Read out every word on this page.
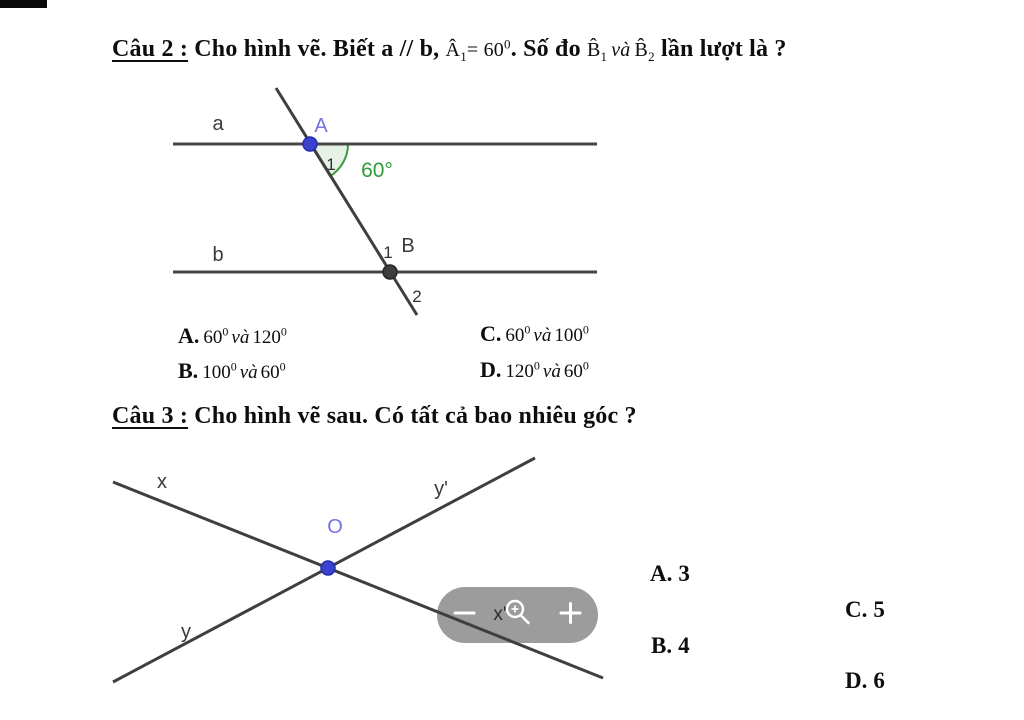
Câu 2 : Cho hình vẽ. Biết a // b, $Â_1= 60^0$. Số đo $B̂_1$ và $B̂_2$ lần lượt là ?
a
b
A
B
1 60°
1
2
A. $60^0$ và $120^0$
B. $100^0$ và $60^0$
C. $60^0$ và $100^0$
D. $120^0$ và $60^0$
Câu 3 : Cho hình vẽ sau. Có tất cả bao nhiêu góc ?
x	y'
y
O
x'
A. 3
C. 5
B. 4
D. 6
